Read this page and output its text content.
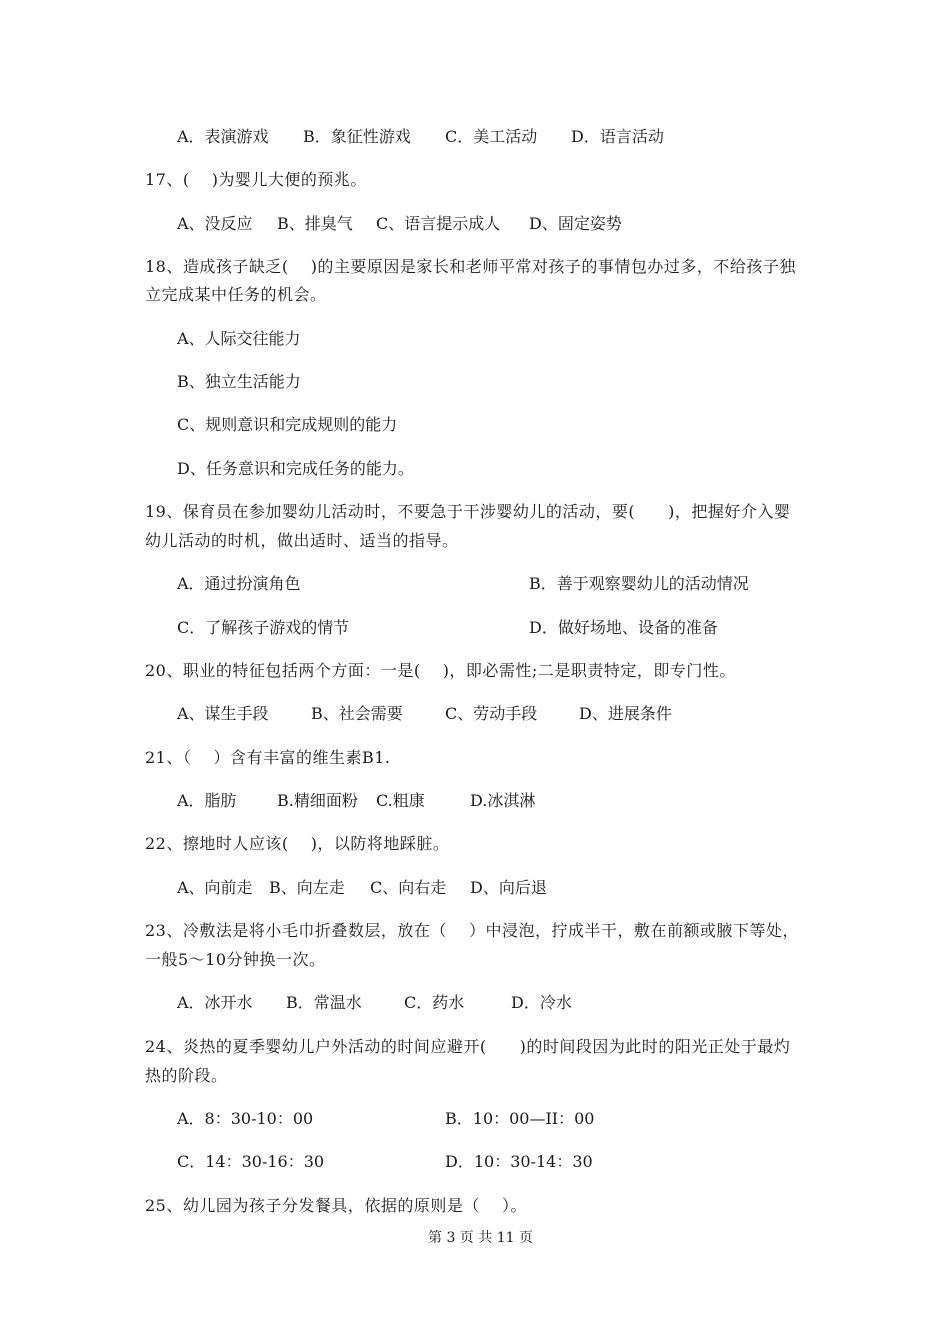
A．表演游戏 B．象征性游戏 C．美工活动 D．语言活动
17、(　 )为婴儿大便的预兆。
A、没反应 B、排臭气 C、语言提示成人 D、固定姿势
18、造成孩子缺乏(　 )的主要原因是家长和老师平常对孩子的事情包办过多，不给孩子独
立完成某中任务的机会。
A、人际交往能力
B、独立生活能力
C、规则意识和完成规则的能力
D、任务意识和完成任务的能力。
19、保育员在参加婴幼儿活动时，不要急于干涉婴幼儿的活动，要(　　)，把握好介入婴
幼儿活动的时机，做出适时、适当的指导。
A．通过扮演角色	B．善于观察婴幼儿的活动情况
C．了解孩子游戏的情节	D．做好场地、设备的准备
20、职业的特征包括两个方面：一是(　 )，即必需性;二是职责特定，即专门性。
A、谋生手段	B、社会需要	C、劳动手段	D、进展条件
21、（　 ）含有丰富的维生素B1.
A．脂肪	B.精细面粉 C.粗康	D.冰淇淋
22、擦地时人应该(　 )，以防将地踩脏。
A、向前走 B、向左走 C、向右走 D、向后退
23、冷敷法是将小毛巾折叠数层，放在（　 ）中浸泡，拧成半干，敷在前额或腋下等处，
一般5～10分钟换一次。
A．冰开水 B．常温水	C．药水	D．冷水
24、炎热的夏季婴幼儿户外活动的时间应避开(　　)的时间段因为此时的阳光正处于最灼
热的阶段。
A．8：30-10：00	B．10：00—II：00
C．14：30-16：30	D．10：30-14：30
25、幼儿园为孩子分发餐具，依据的原则是（　 ）。
第 3 页 共 11 页
